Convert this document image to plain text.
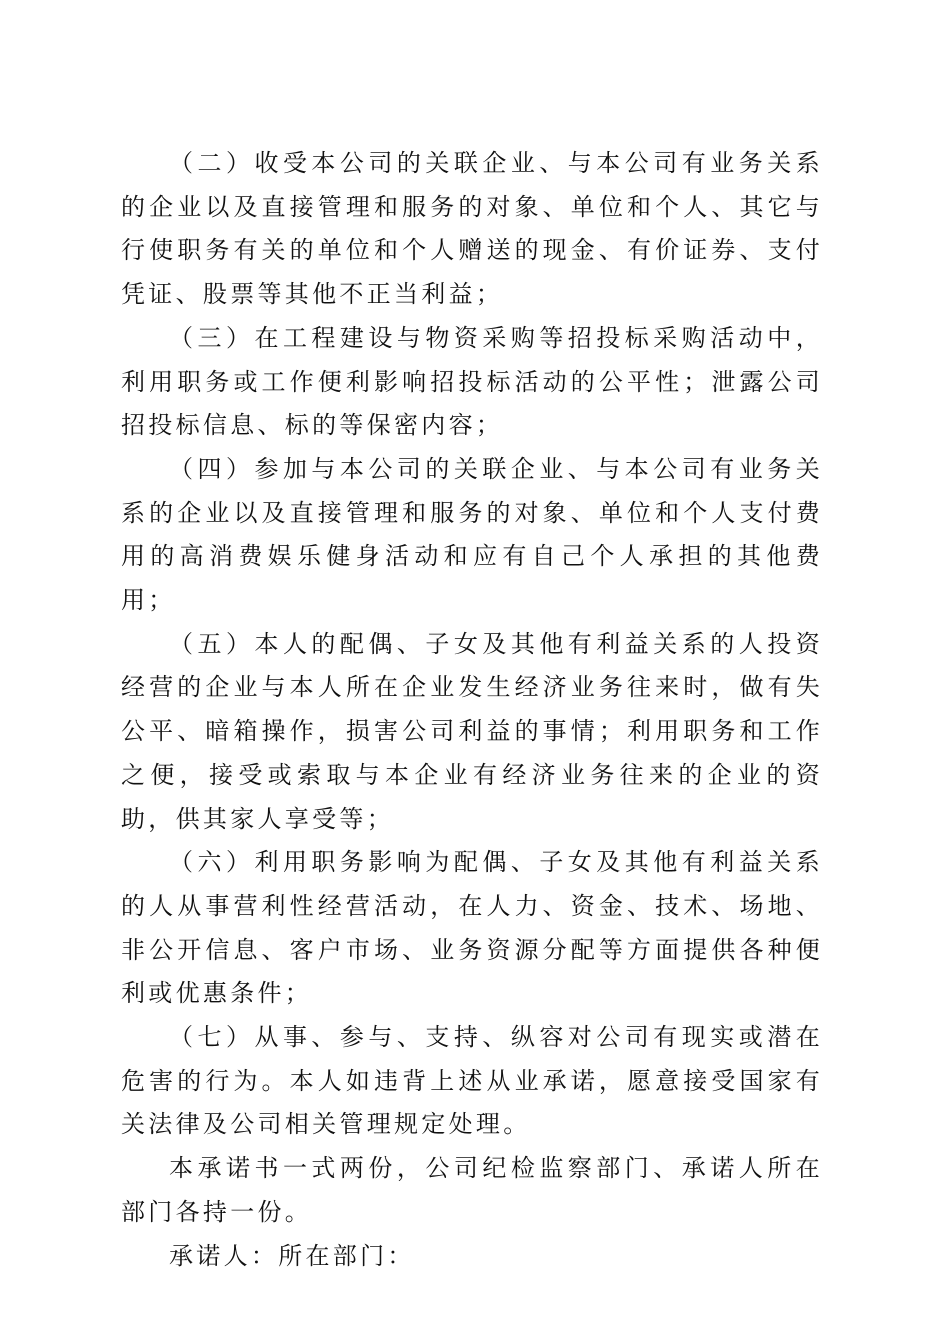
（二）收受本公司的关联企业、与本公司有业务关系的企业以及直接管理和服务的对象、单位和个人、其它与行使职务有关的单位和个人赠送的现金、有价证券、支付凭证、股票等其他不正当利益；

（三）在工程建设与物资采购等招投标采购活动中，利用职务或工作便利影响招投标活动的公平性；泄露公司招投标信息、标的等保密内容；

（四）参加与本公司的关联企业、与本公司有业务关系的企业以及直接管理和服务的对象、单位和个人支付费用的高消费娱乐健身活动和应有自己个人承担的其他费用；

（五）本人的配偶、子女及其他有利益关系的人投资经营的企业与本人所在企业发生经济业务往来时，做有失公平、暗箱操作，损害公司利益的事情；利用职务和工作之便，接受或索取与本企业有经济业务往来的企业的资助，供其家人享受等；

（六）利用职务影响为配偶、子女及其他有利益关系的人从事营利性经营活动，在人力、资金、技术、场地、非公开信息、客户市场、业务资源分配等方面提供各种便利或优惠条件；

（七）从事、参与、支持、纵容对公司有现实或潜在危害的行为。本人如违背上述从业承诺，愿意接受国家有关法律及公司相关管理规定处理。

本承诺书一式两份，公司纪检监察部门、承诺人所在部门各持一份。

承诺人：所在部门：
